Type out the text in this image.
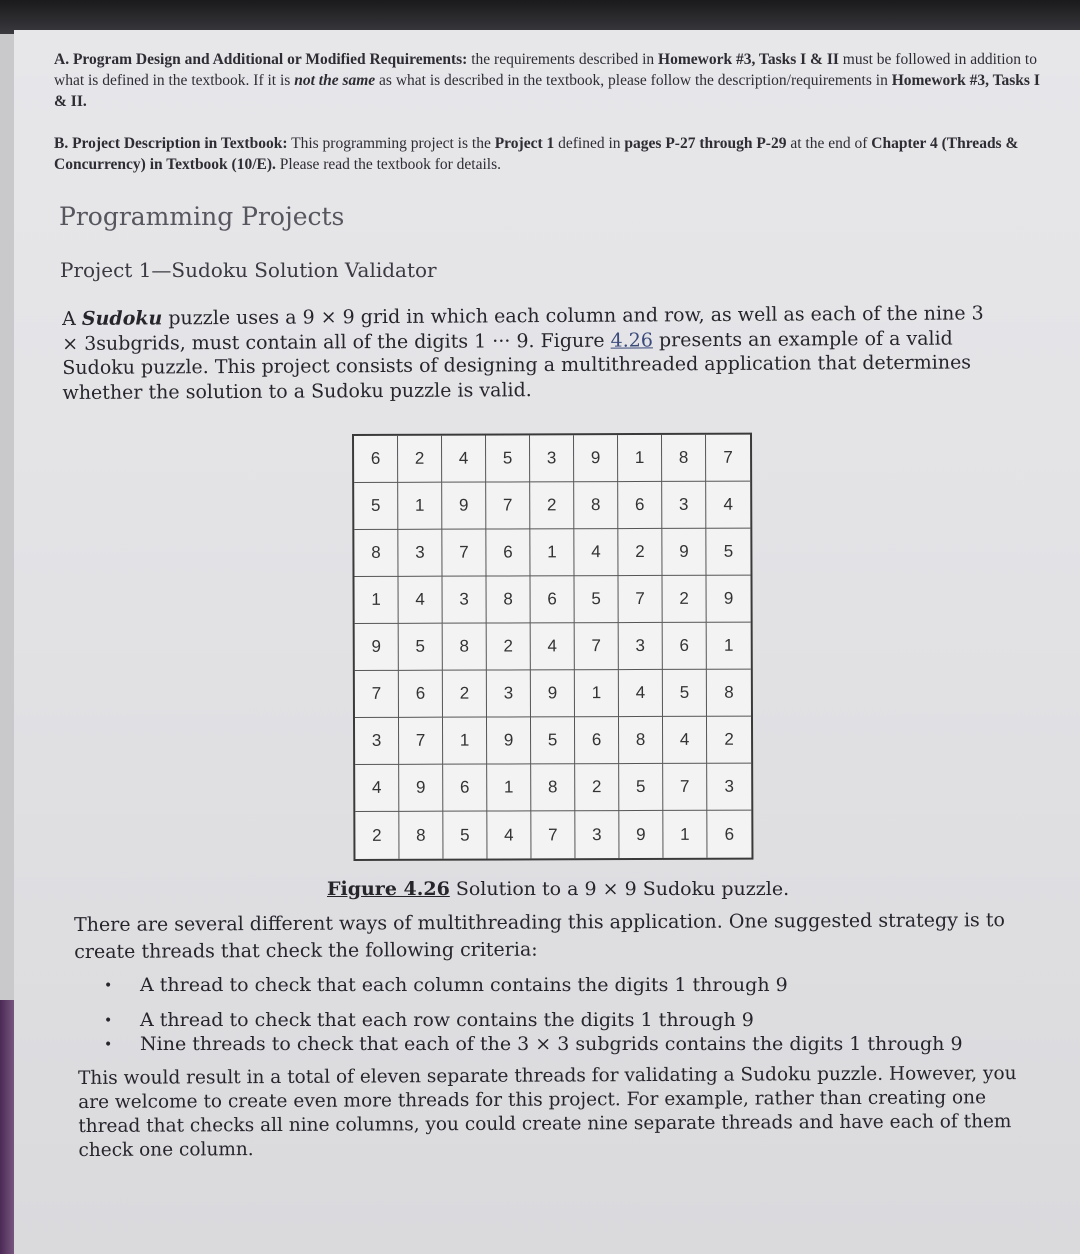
A. Program Design and Additional or Modified Requirements: the requirements described in Homework #3, Tasks I & II must be followed in addition to what is defined in the textbook. If it is not the same as what is described in the textbook, please follow the description/requirements in Homework #3, Tasks I & II.
B. Project Description in Textbook: This programming project is the Project 1 defined in pages P-27 through P-29 at the end of Chapter 4 (Threads & Concurrency) in Textbook (10/E). Please read the textbook for details.
Programming Projects
Project 1—Sudoku Solution Validator
A Sudoku puzzle uses a 9 × 9 grid in which each column and row, as well as each of the nine 3 × 3subgrids, must contain all of the digits 1 ··· 9. Figure 4.26 presents an example of a valid Sudoku puzzle. This project consists of designing a multithreaded application that determines whether the solution to a Sudoku puzzle is valid.
6	2	4	5	3	9	1	8	7
5	1	9	7	2	8	6	3	4
8	3	7	6	1	4	2	9	5
1	4	3	8	6	5	7	2	9
9	5	8	2	4	7	3	6	1
7	6	2	3	9	1	4	5	8
3	7	1	9	5	6	8	4	2
4	9	6	1	8	2	5	7	3
2	8	5	4	7	3	9	1	6
Figure 4.26 Solution to a 9 × 9 Sudoku puzzle.
There are several different ways of multithreading this application. One suggested strategy is to create threads that check the following criteria:
• A thread to check that each column contains the digits 1 through 9
• A thread to check that each row contains the digits 1 through 9
• Nine threads to check that each of the 3 × 3 subgrids contains the digits 1 through 9
This would result in a total of eleven separate threads for validating a Sudoku puzzle. However, you are welcome to create even more threads for this project. For example, rather than creating one thread that checks all nine columns, you could create nine separate threads and have each of them check one column.
